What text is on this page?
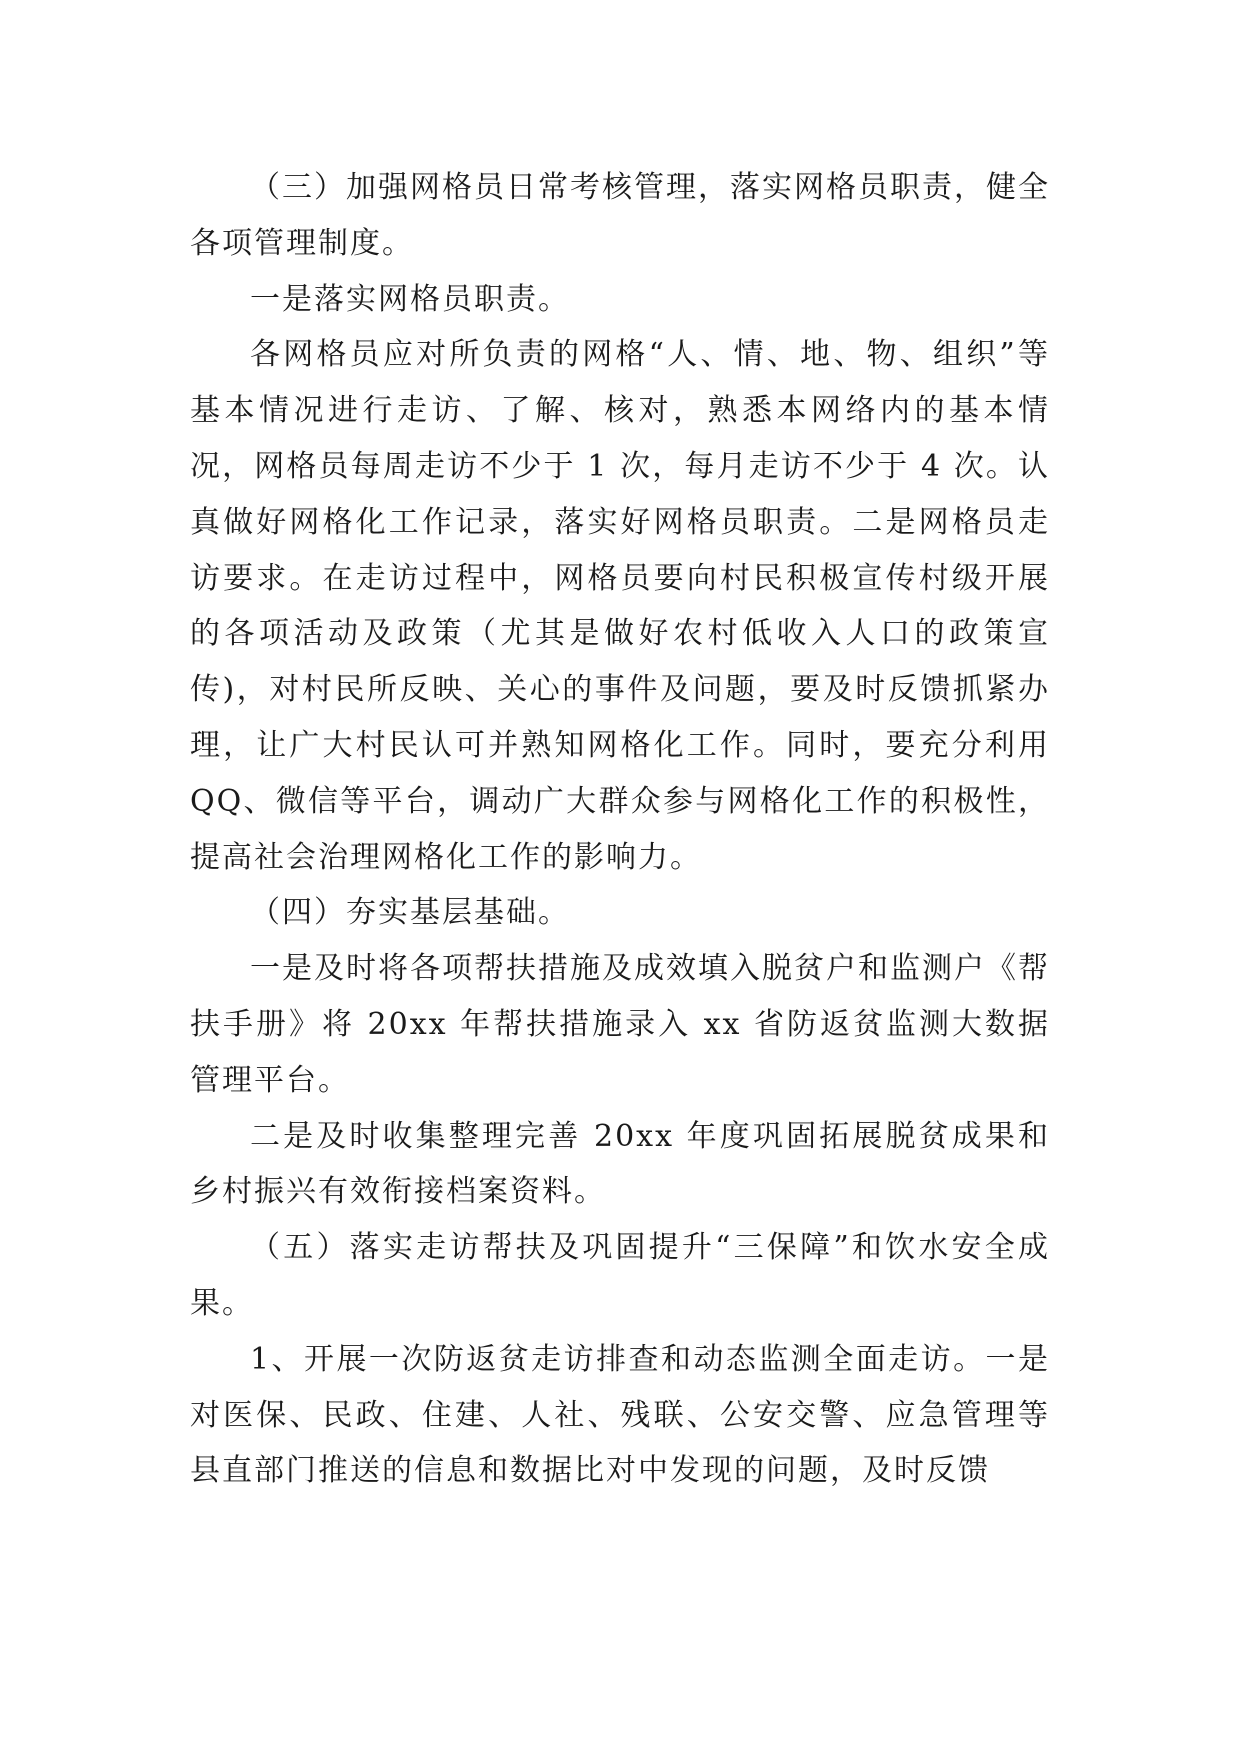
（三）加强网格员日常考核管理，落实网格员职责，健全各项管理制度。

一是落实网格员职责。

各网格员应对所负责的网格“人、情、地、物、组织”等基本情况进行走访、了解、核对，熟悉本网络内的基本情况，网格员每周走访不少于 1 次，每月走访不少于 4 次。认真做好网格化工作记录，落实好网格员职责。二是网格员走访要求。在走访过程中，网格员要向村民积极宣传村级开展的各项活动及政策（尤其是做好农村低收入人口的政策宣传)，对村民所反映、关心的事件及问题，要及时反馈抓紧办理，让广大村民认可并熟知网格化工作。同时，要充分利用 QQ、微信等平台，调动广大群众参与网格化工作的积极性，提高社会治理网格化工作的影响力。

（四）夯实基层基础。

一是及时将各项帮扶措施及成效填入脱贫户和监测户《帮扶手册》将 20xx 年帮扶措施录入 xx 省防返贫监测大数据管理平台。

二是及时收集整理完善 20xx 年度巩固拓展脱贫成果和乡村振兴有效衔接档案资料。

（五）落实走访帮扶及巩固提升“三保障”和饮水安全成果。

1、开展一次防返贫走访排查和动态监测全面走访。一是对医保、民政、住建、人社、残联、公安交警、应急管理等县直部门推送的信息和数据比对中发现的问题，及时反馈
